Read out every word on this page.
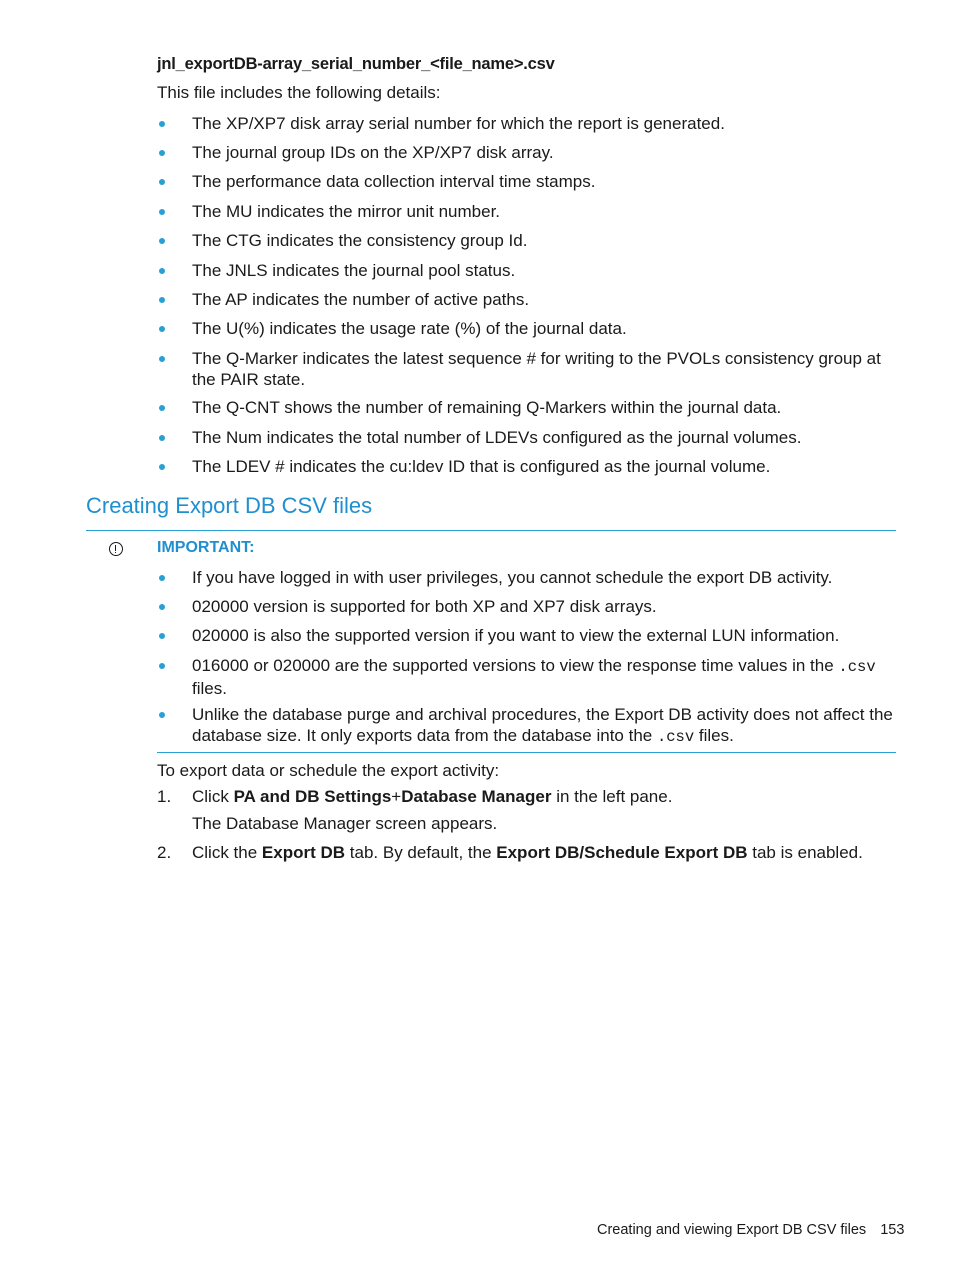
jnl_exportDB-array_serial_number_<file_name>.csv
This file includes the following details:
The XP/XP7 disk array serial number for which the report is generated.
The journal group IDs on the XP/XP7 disk array.
The performance data collection interval time stamps.
The MU indicates the mirror unit number.
The CTG indicates the consistency group Id.
The JNLS indicates the journal pool status.
The AP indicates the number of active paths.
The U(%) indicates the usage rate (%) of the journal data.
The Q-Marker indicates the latest sequence # for writing to the PVOLs consistency group at the PAIR state.
The Q-CNT shows the number of remaining Q-Markers within the journal data.
The Num indicates the total number of LDEVs configured as the journal volumes.
The LDEV # indicates the cu:ldev ID that is configured as the journal volume.
Creating Export DB CSV files
IMPORTANT:
If you have logged in with user privileges, you cannot schedule the export DB activity.
020000 version is supported for both XP and XP7 disk arrays.
020000 is also the supported version if you want to view the external LUN information.
016000 or 020000 are the supported versions to view the response time values in the .csv
files.
Unlike the database purge and archival procedures, the Export DB activity does not affect the database size. It only exports data from the database into the .csv files.
To export data or schedule the export activity:
1. Click PA and DB Settings+Database Manager in the left pane.
The Database Manager screen appears.
2. Click the Export DB tab. By default, the Export DB/Schedule Export DB tab is enabled.
Creating and viewing Export DB CSV files 153
